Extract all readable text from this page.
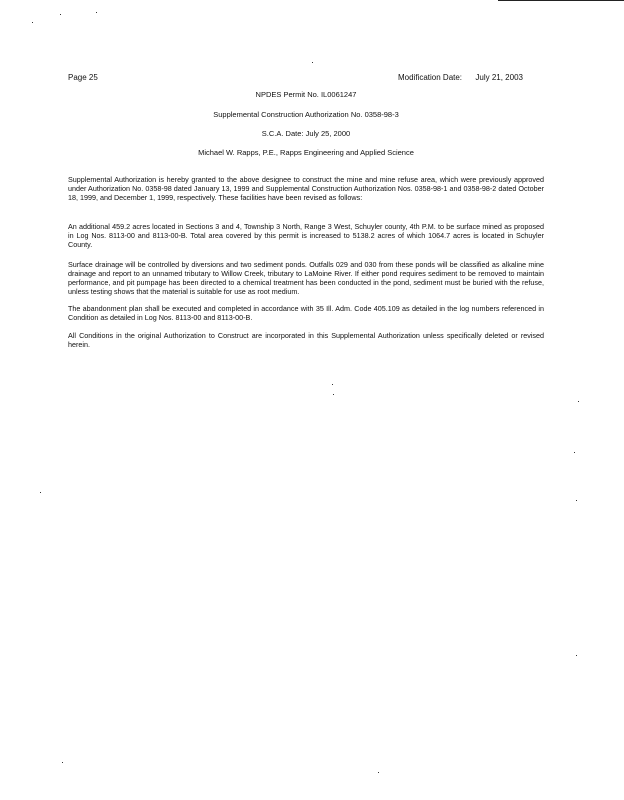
Page 25	Modification Date: July 21, 2003
NPDES Permit No. IL0061247
Supplemental Construction Authorization No. 0358-98-3
S.C.A. Date: July 25, 2000
Michael W. Rapps, P.E., Rapps Engineering and Applied Science
Supplemental Authorization is hereby granted to the above designee to construct the mine and mine refuse area, which were previously approved under Authorization No. 0358-98 dated January 13, 1999 and Supplemental Construction Authorization Nos. 0358-98-1 and 0358-98-2 dated October 18, 1999, and December 1, 1999, respectively. These facilities have been revised as follows:
An additional 459.2 acres located in Sections 3 and 4, Township 3 North, Range 3 West, Schuyler county, 4th P.M. to be surface mined as proposed in Log Nos. 8113-00 and 8113-00-B. Total area covered by this permit is increased to 5138.2 acres of which 1064.7 acres is located in Schuyler County.
Surface drainage will be controlled by diversions and two sediment ponds. Outfalls 029 and 030 from these ponds will be classified as alkaline mine drainage and report to an unnamed tributary to Willow Creek, tributary to LaMoine River. If either pond requires sediment to be removed to maintain performance, and pit pumpage has been directed to a chemical treatment has been conducted in the pond, sediment must be buried with the refuse, unless testing shows that the material is suitable for use as root medium.
The abandonment plan shall be executed and completed in accordance with 35 Ill. Adm. Code 405.109 as detailed in the log numbers referenced in Condition as detailed in Log Nos. 8113-00 and 8113-00-B.
All Conditions in the original Authorization to Construct are incorporated in this Supplemental Authorization unless specifically deleted or revised herein.
